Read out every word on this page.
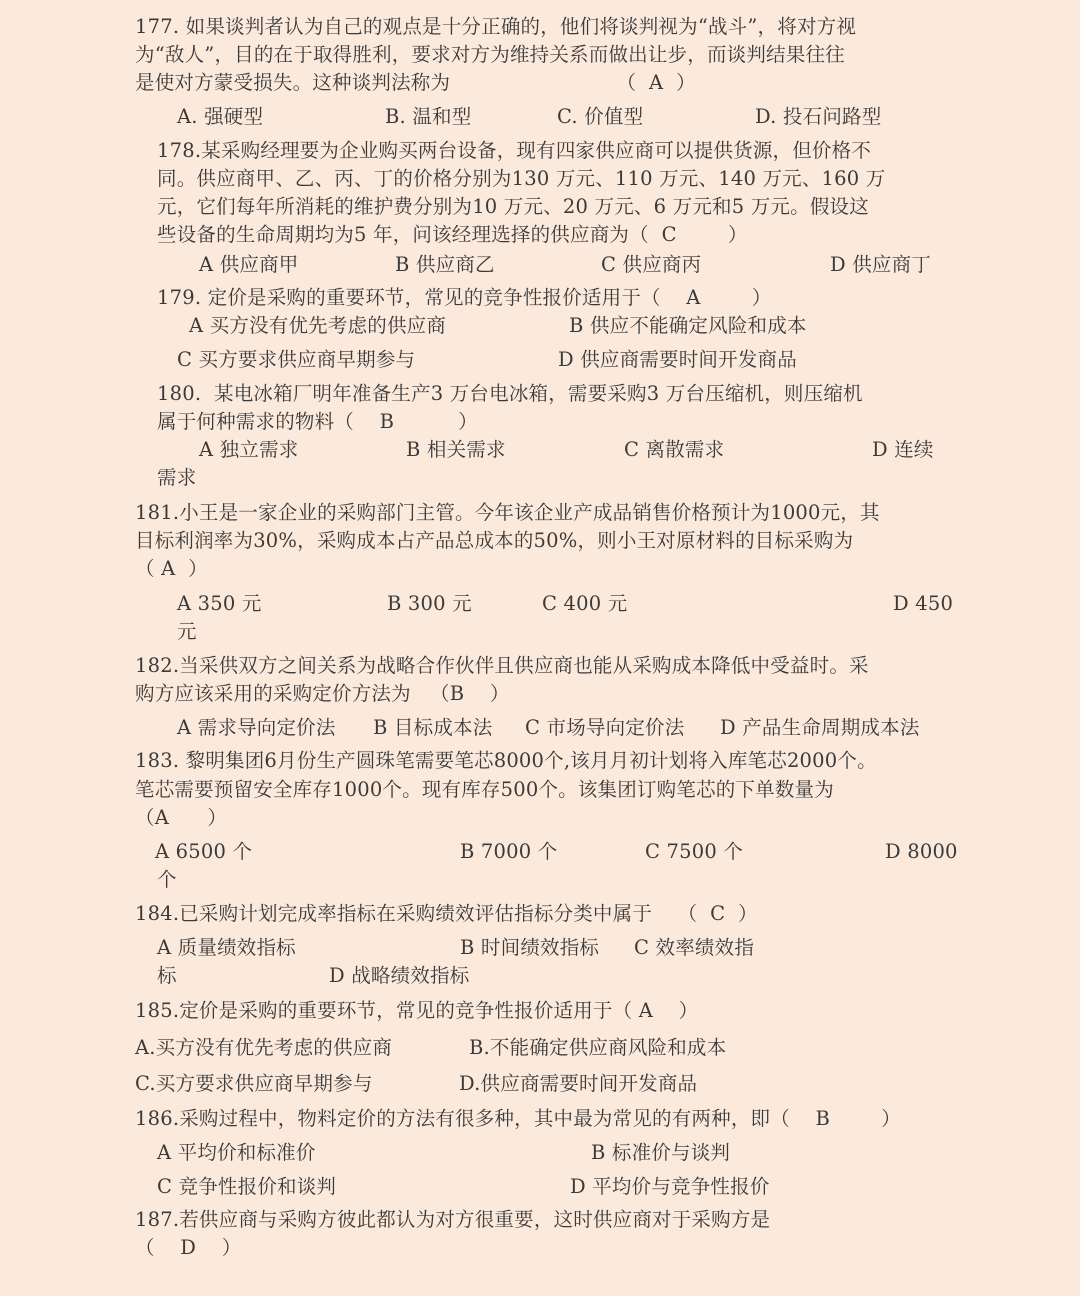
177. 如果谈判者认为自己的观点是十分正确的，他们将谈判视为“战斗”，将对方视
为“敌人”，目的在于取得胜利，要求对方为维持关系而做出让步，而谈判结果往往
是使对方蒙受损失。这种谈判法称为                          （  A  ）
A. 强硬型	B. 温和型	C. 价值型	D. 投石问路型
178.某采购经理要为企业购买两台设备，现有四家供应商可以提供货源，但价格不
同。供应商甲、乙、丙、丁的价格分别为130 万元、110 万元、140 万元、160 万
元，它们每年所消耗的维护费分别为10 万元、20 万元、6 万元和5 万元。假设这
些设备的生命周期均为5 年，问该经理选择的供应商为（  C        ）
A 供应商甲	B 供应商乙	C 供应商丙	D 供应商丁
179. 定价是采购的重要环节，常见的竞争性报价适用于（    A        ）
A 买方没有优先考虑的供应商	B 供应不能确定风险和成本
C 买方要求供应商早期参与	D 供应商需要时间开发商品
180.  某电冰箱厂明年准备生产3 万台电冰箱，需要采购3 万台压缩机，则压缩机
属于何种需求的物料（    B          ）
A 独立需求	B 相关需求	C 离散需求	D 连续
需求
181.小王是一家企业的采购部门主管。今年该企业产成品销售价格预计为1000元，其
目标利润率为30%，采购成本占产品总成本的50%，则小王对原材料的目标采购为
（ A  ）
A 350 元	B 300 元	C 400 元	D 450
元
182.当采供双方之间关系为战略合作伙伴且供应商也能从采购成本降低中受益时。采
购方应该采用的采购定价方法为   （B    ）
A 需求导向定价法 B 目标成本法 C 市场导向定价法 D 产品生命周期成本法
183. 黎明集团6月份生产圆珠笔需要笔芯8000个,该月月初计划将入库笔芯2000个。
笔芯需要预留安全库存1000个。现有库存500个。该集团订购笔芯的下单数量为
（A      ）
A 6500 个	B 7000 个	C 7500 个	D 8000
个
184.已采购计划完成率指标在采购绩效评估指标分类中属于    （  C  ）
A 质量绩效指标	B 时间绩效指标 C 效率绩效指
标	D 战略绩效指标
185.定价是采购的重要环节，常见的竞争性报价适用于（ A    ）
A.买方没有优先考虑的供应商	B.不能确定供应商风险和成本
C.买方要求供应商早期参与	D.供应商需要时间开发商品
186.采购过程中，物料定价的方法有很多种，其中最为常见的有两种，即（    B        ）
A 平均价和标准价	B 标准价与谈判
C 竞争性报价和谈判	D 平均价与竞争性报价
187.若供应商与采购方彼此都认为对方很重要，这时供应商对于采购方是
（    D    ）
